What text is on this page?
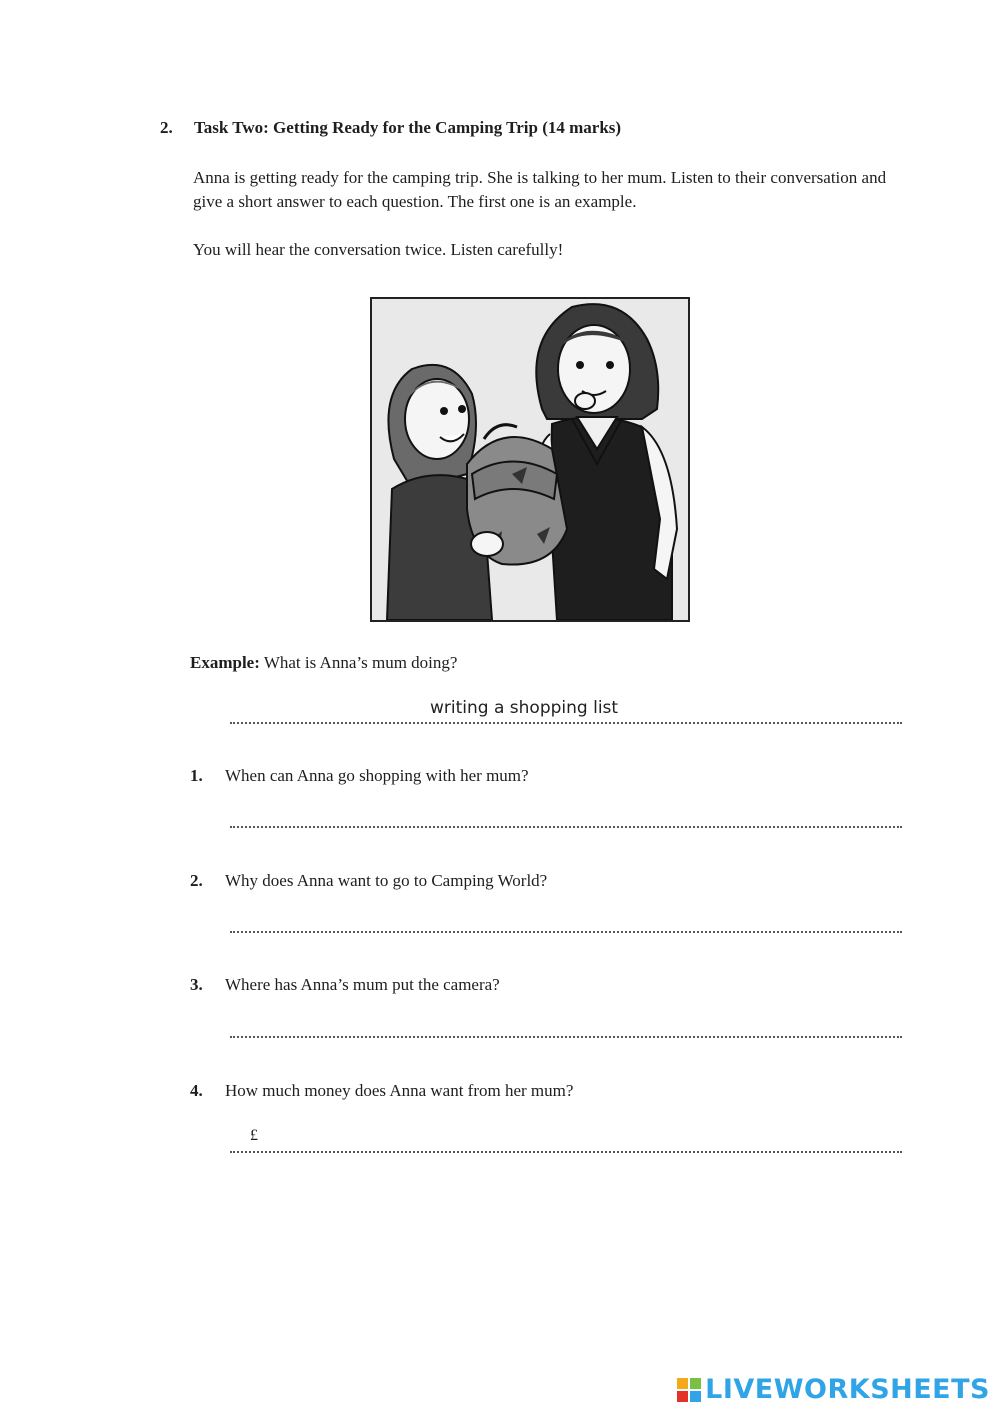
2. Task Two: Getting Ready for the Camping Trip (14 marks)
Anna is getting ready for the camping trip. She is talking to her mum. Listen to their conversation and give a short answer to each question. The first one is an example.
You will hear the conversation twice. Listen carefully!
Example: What is Anna’s mum doing?
writing a shopping list
1. When can Anna go shopping with her mum?
2. Why does Anna want to go to Camping World?
3. Where has Anna’s mum put the camera?
4. How much money does Anna want from her mum?
£
LIVEWORKSHEETS
